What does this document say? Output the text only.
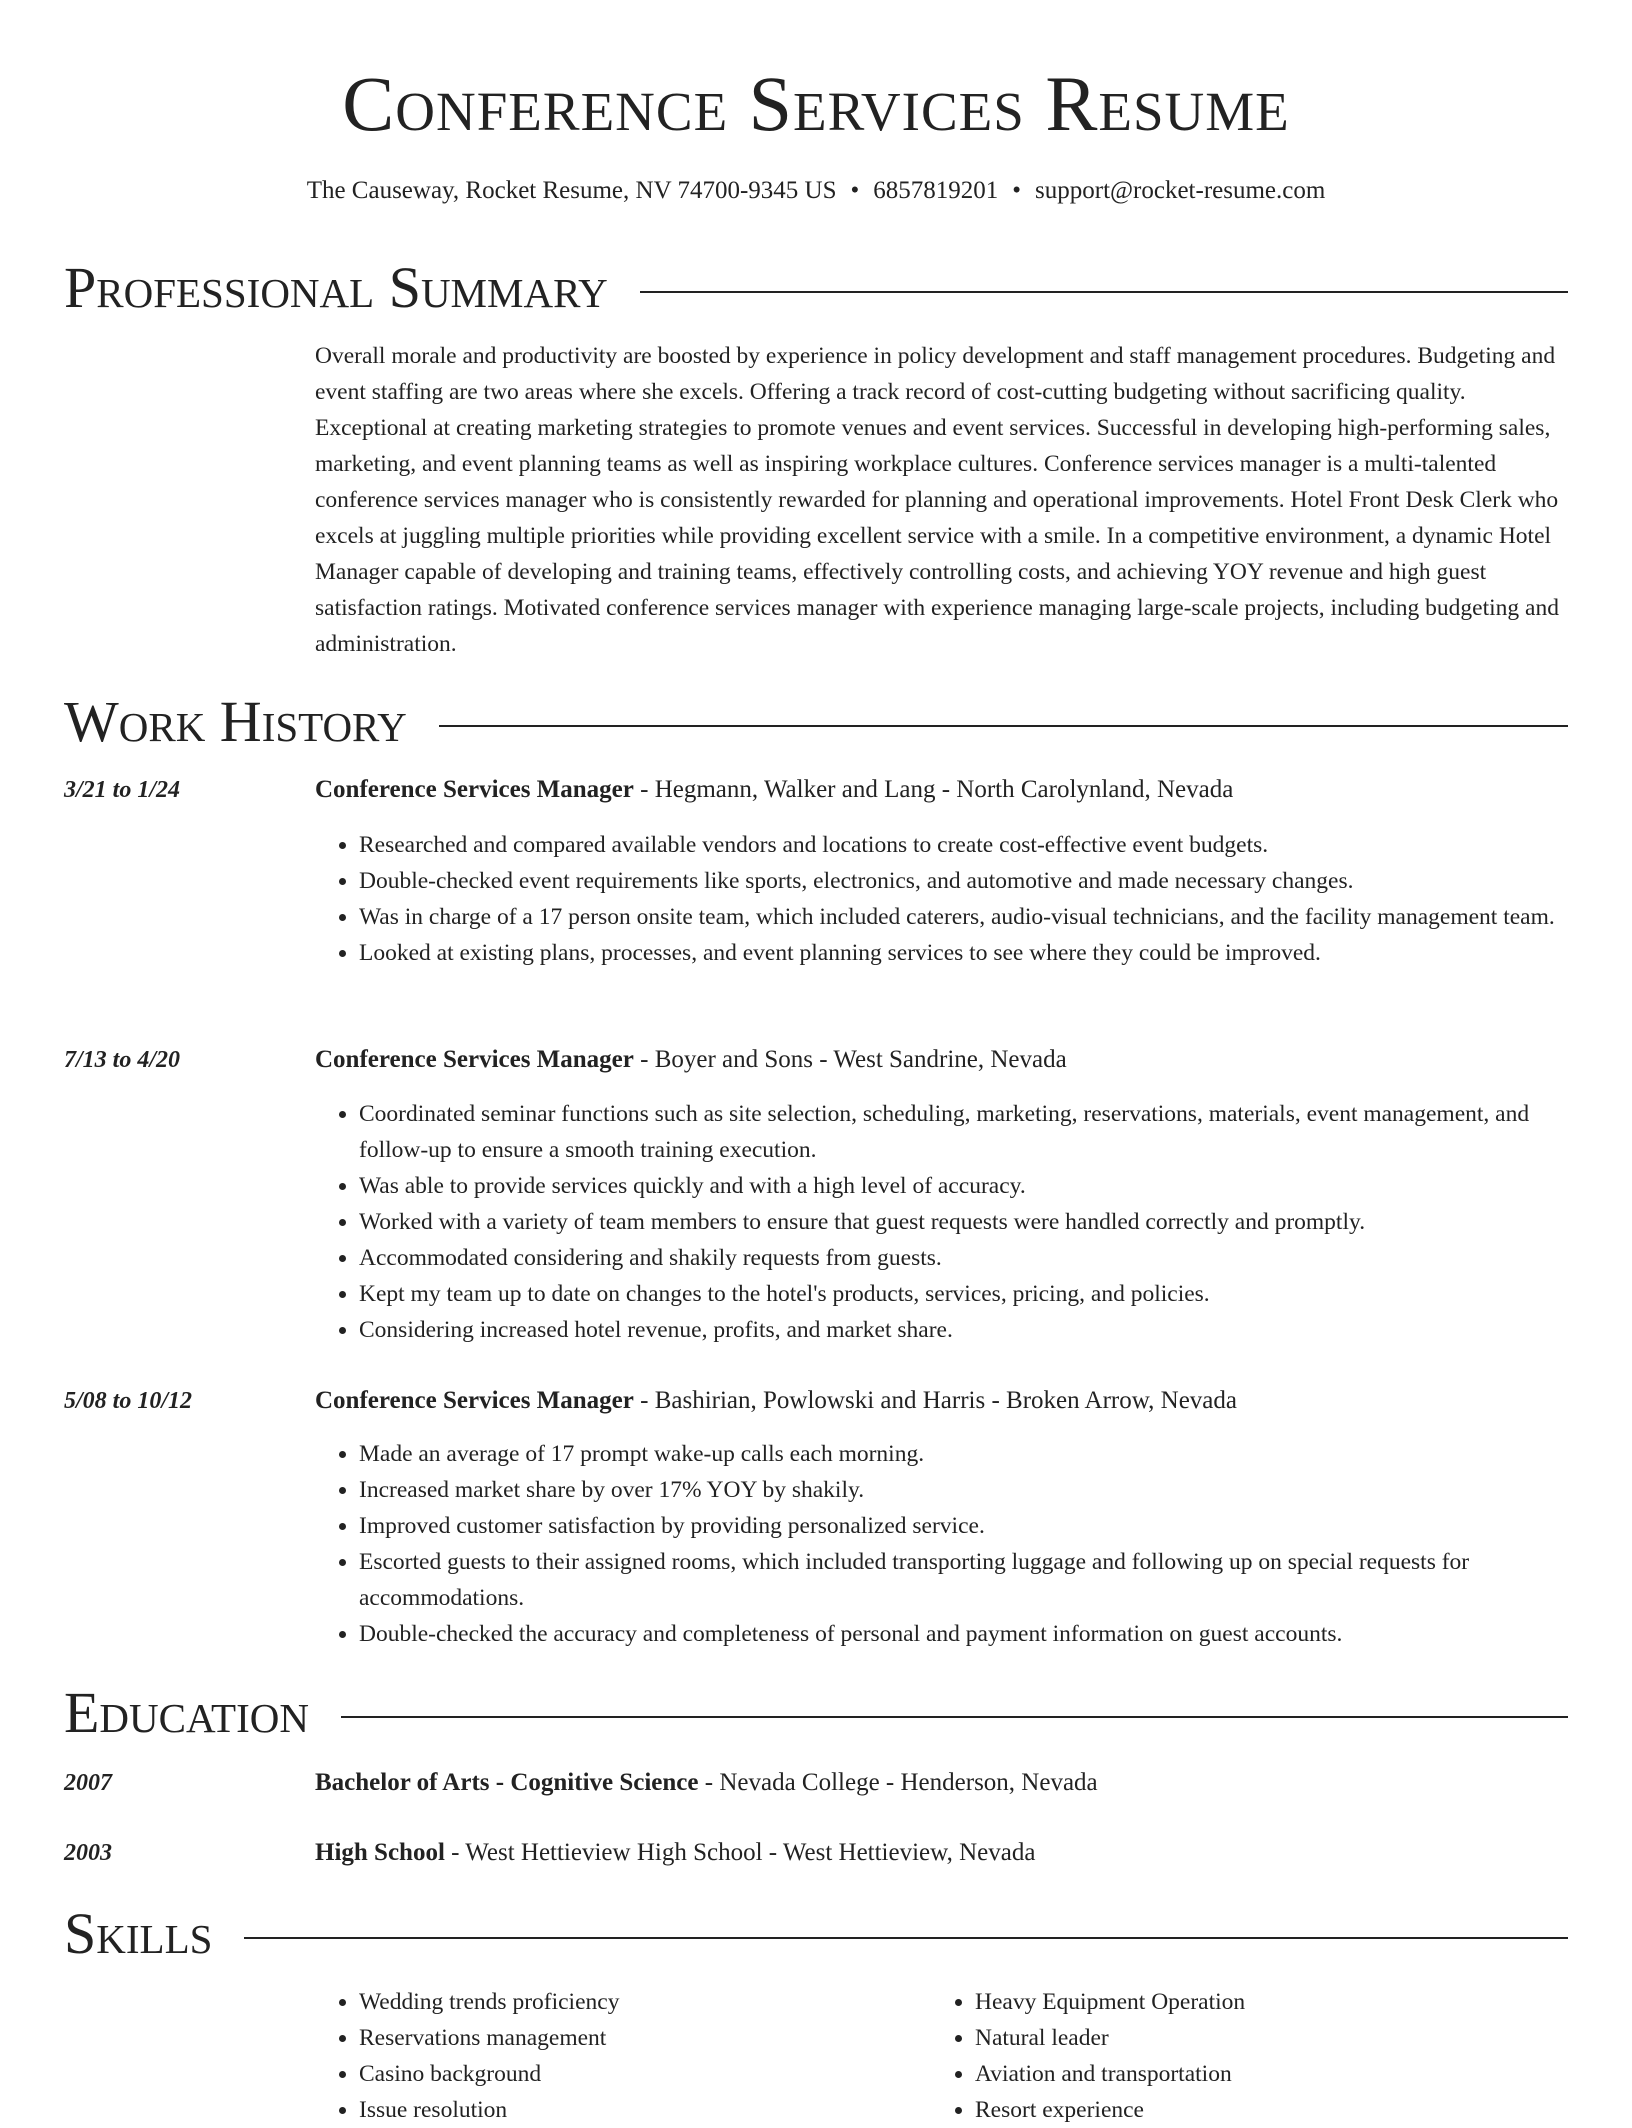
Conference Services Resume
The Causeway, Rocket Resume, NV 74700-9345 US • 6857819201 • support@rocket-resume.com
Professional Summary

Overall morale and productivity are boosted by experience in policy development and staff management procedures. Budgeting and event staffing are two areas where she excels. Offering a track record of cost-cutting budgeting without sacrificing quality. Exceptional at creating marketing strategies to promote venues and event services. Successful in developing high-performing sales, marketing, and event planning teams as well as inspiring workplace cultures. Conference services manager is a multi-talented conference services manager who is consistently rewarded for planning and operational improvements. Hotel Front Desk Clerk who excels at juggling multiple priorities while providing excellent service with a smile. In a competitive environment, a dynamic Hotel Manager capable of developing and training teams, effectively controlling costs, and achieving YOY revenue and high guest satisfaction ratings. Motivated conference services manager with experience managing large-scale projects, including budgeting and administration.

Work History
3/21 to 1/24	Conference Services Manager - Hegmann, Walker and Lang - North Carolynland, Nevada
• Researched and compared available vendors and locations to create cost-effective event budgets.
• Double-checked event requirements like sports, electronics, and automotive and made necessary changes.
• Was in charge of a 17 person onsite team, which included caterers, audio-visual technicians, and the facility management team.
• Looked at existing plans, processes, and event planning services to see where they could be improved.
7/13 to 4/20	Conference Services Manager - Boyer and Sons - West Sandrine, Nevada
• Coordinated seminar functions such as site selection, scheduling, marketing, reservations, materials, event management, and follow-up to ensure a smooth training execution.
• Was able to provide services quickly and with a high level of accuracy.
• Worked with a variety of team members to ensure that guest requests were handled correctly and promptly.
• Accommodated considering and shakily requests from guests.
• Kept my team up to date on changes to the hotel's products, services, pricing, and policies.
• Considering increased hotel revenue, profits, and market share.
5/08 to 10/12	Conference Services Manager - Bashirian, Powlowski and Harris - Broken Arrow, Nevada
• Made an average of 17 prompt wake-up calls each morning.
• Increased market share by over 17% YOY by shakily.
• Improved customer satisfaction by providing personalized service.
• Escorted guests to their assigned rooms, which included transporting luggage and following up on special requests for accommodations.
• Double-checked the accuracy and completeness of personal and payment information on guest accounts.
Education
2007	Bachelor of Arts - Cognitive Science - Nevada College - Henderson, Nevada
2003	High School - West Hettieview High School - West Hettieview, Nevada
Skills
• Wedding trends proficiency
• Reservations management
• Casino background
• Issue resolution
• Heavy Equipment Operation
• Natural leader
• Aviation and transportation
• Resort experience
